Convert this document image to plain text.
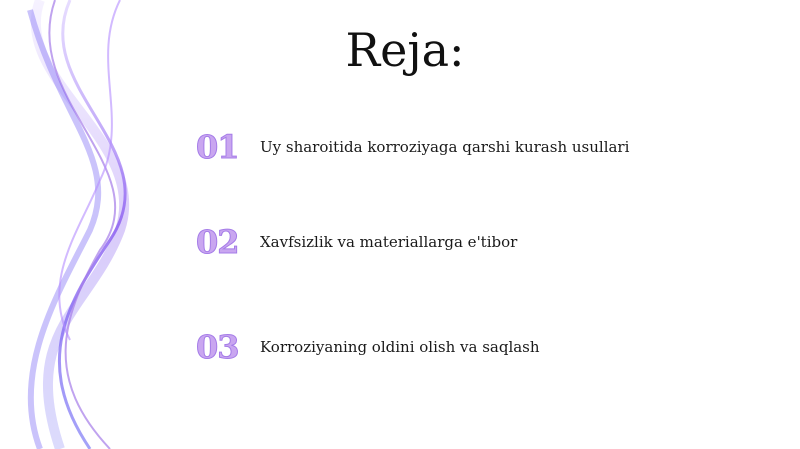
Reja:
01	Uy sharoitida korroziyaga qarshi kurash usullari
02	Xavfsizlik va materiallarga e'tibor
03	Korroziyaning oldini olish va saqlash
